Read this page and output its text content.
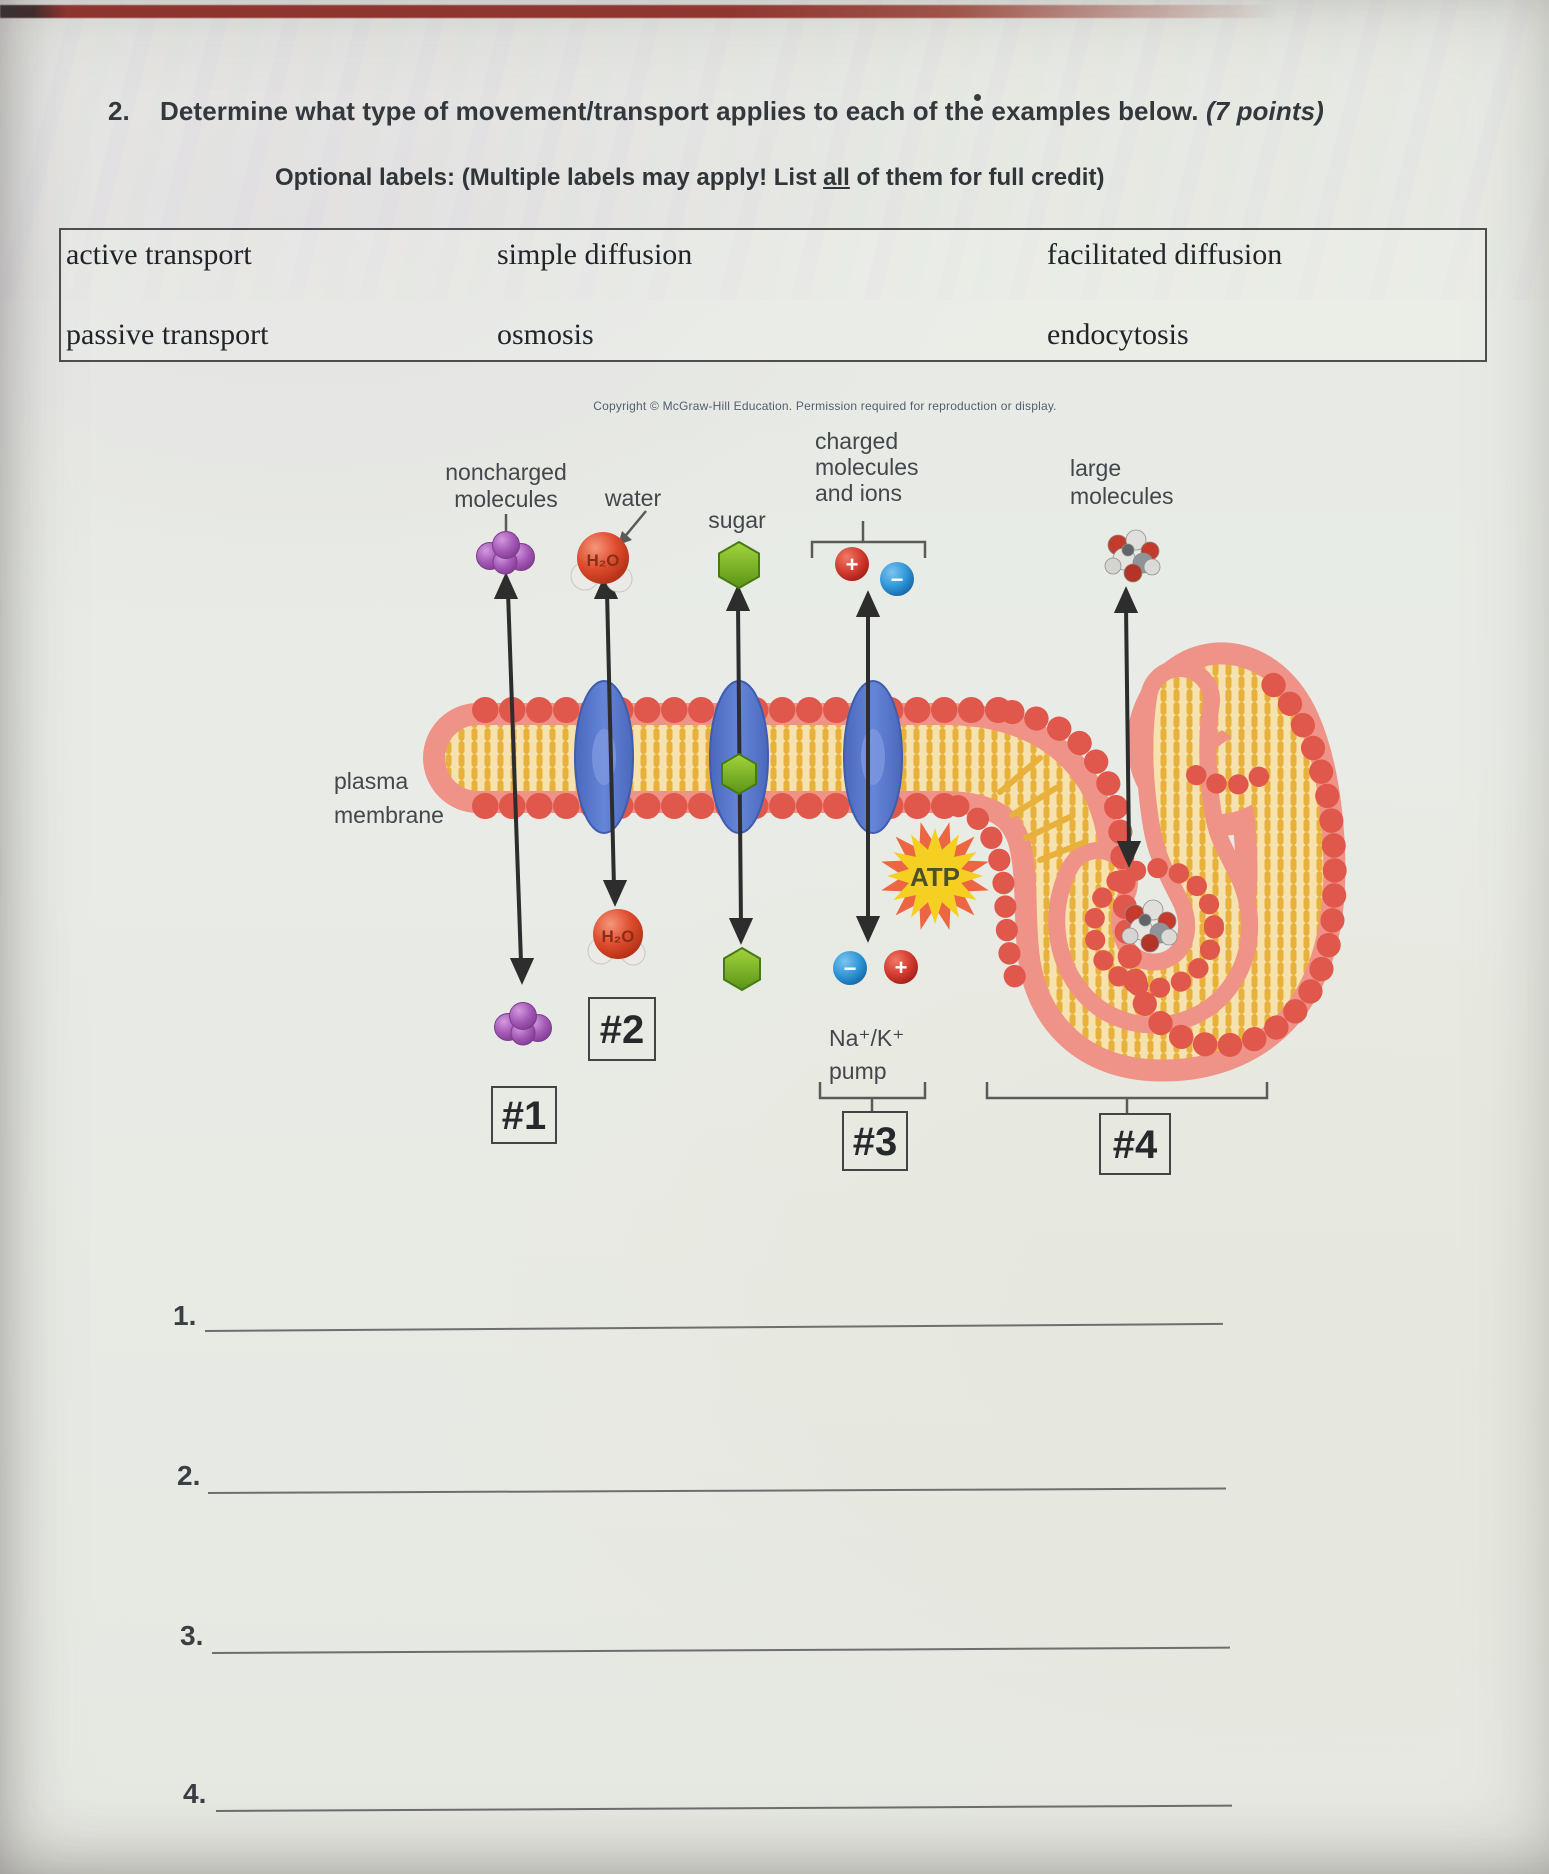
2. Determine what type of movement/transport applies to each of the examples below. (7 points)
Optional labels: (Multiple labels may apply! List all of them for full credit)
active transport	simple diffusion	facilitated diffusion
passive transport	osmosis	endocytosis
Copyright © McGraw-Hill Education. Permission required for reproduction or display.
H₂O
H₂O
+
−
− +
ATP
noncharged
molecules water
sugar
charged
molecules
and ions
large
molecules
plasma
membrane
Na⁺/K⁺
pump
#1
#2
#3	#4
1.
2.
3.
4.
